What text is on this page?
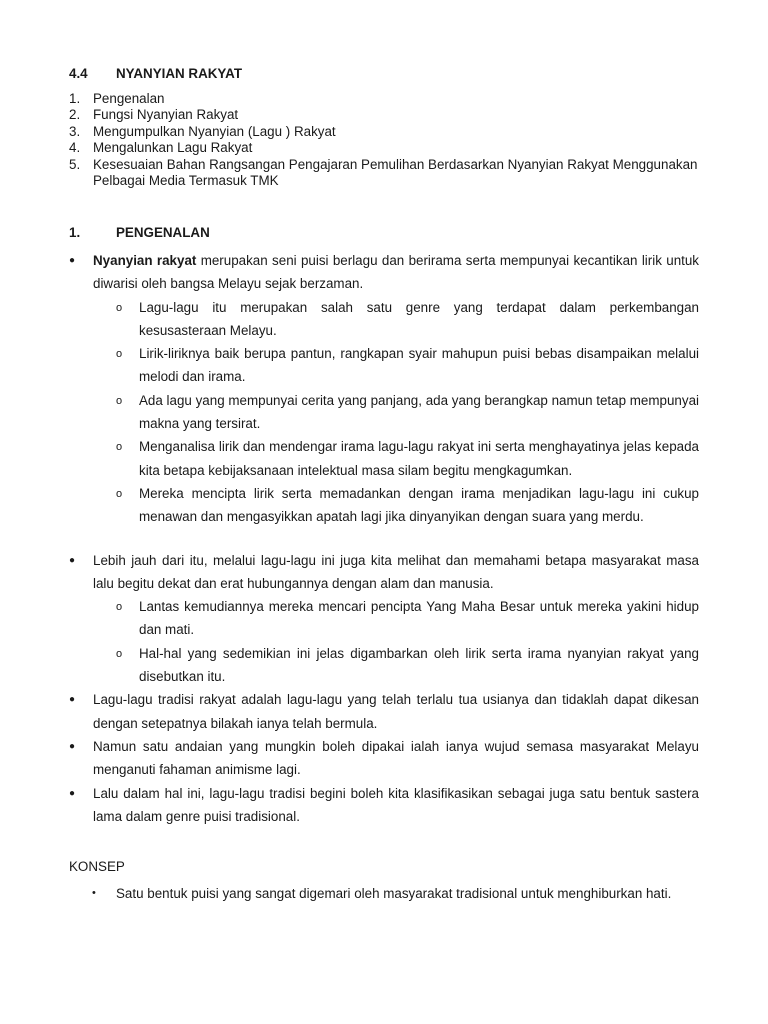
4.4 NYANYIAN RAKYAT
1. Pengenalan
2. Fungsi Nyanyian Rakyat
3. Mengumpulkan Nyanyian (Lagu ) Rakyat
4. Mengalunkan Lagu Rakyat
5. Kesesuaian Bahan Rangsangan Pengajaran Pemulihan Berdasarkan Nyanyian Rakyat Menggunakan Pelbagai Media Termasuk TMK
1.	PENGENALAN
●	Nyanyian rakyat merupakan seni puisi berlagu dan berirama serta mempunyai kecantikan lirik untuk diwarisi oleh bangsa Melayu sejak berzaman.
o	Lagu-lagu itu merupakan salah satu genre yang terdapat dalam perkembangan kesusasteraan Melayu.
o	Lirik-liriknya baik berupa pantun, rangkapan syair mahupun puisi bebas disampaikan melalui melodi dan irama.
o	Ada lagu yang mempunyai cerita yang panjang, ada yang berangkap namun tetap mempunyai makna yang tersirat.
o	Menganalisa lirik dan mendengar irama lagu-lagu rakyat ini serta menghayatinya jelas kepada kita betapa kebijaksanaan intelektual masa silam begitu mengkagumkan.
o	Mereka mencipta lirik serta memadankan dengan irama menjadikan lagu-lagu ini cukup menawan dan mengasyikkan apatah lagi jika dinyanyikan dengan suara yang merdu.
●	Lebih jauh dari itu, melalui lagu-lagu ini juga kita melihat dan memahami betapa masyarakat masa lalu begitu dekat dan erat hubungannya dengan alam dan manusia.
o	Lantas kemudiannya mereka mencari pencipta Yang Maha Besar untuk mereka yakini hidup dan mati.
o	Hal-hal yang sedemikian ini jelas digambarkan oleh lirik serta irama nyanyian rakyat yang disebutkan itu.
●	Lagu-lagu tradisi rakyat adalah lagu-lagu yang telah terlalu tua usianya dan tidaklah dapat dikesan dengan setepatnya bilakah ianya telah bermula.
●	Namun satu andaian yang mungkin boleh dipakai ialah ianya wujud semasa masyarakat Melayu menganuti fahaman animisme lagi.
●	Lalu dalam hal ini, lagu-lagu tradisi begini boleh kita klasifikasikan sebagai juga satu bentuk sastera lama dalam genre puisi tradisional.
KONSEP
•	Satu bentuk puisi yang sangat digemari oleh masyarakat tradisional untuk menghiburkan hati.
